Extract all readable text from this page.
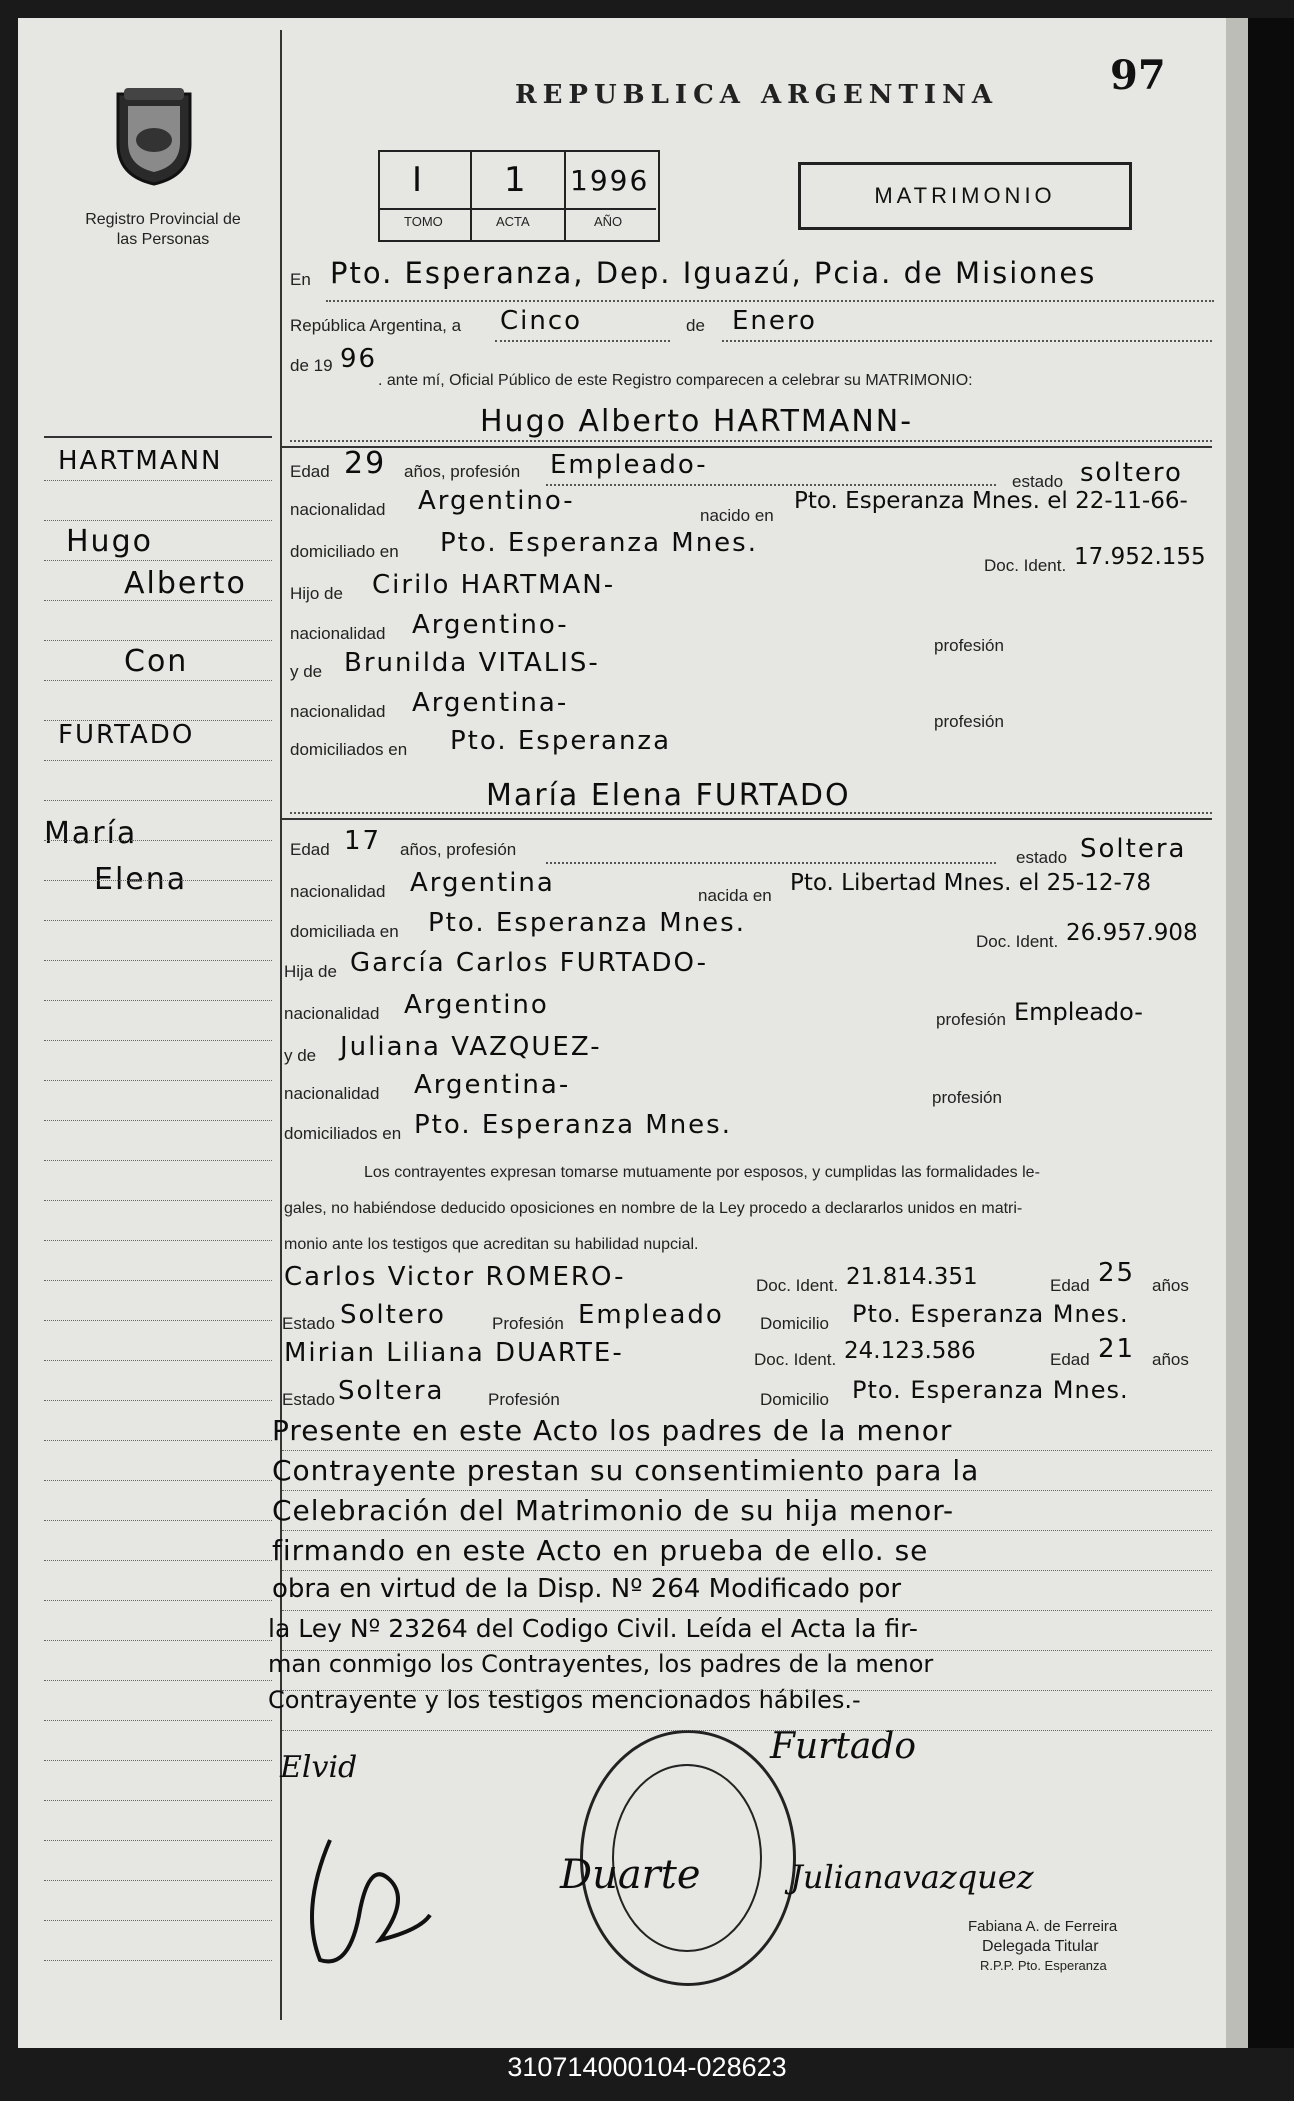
Registro Provincial de las Personas
REPUBLICA ARGENTINA	97
I
TOMO
1
ACTA
1996
AÑO
MATRIMONIO
En Pto. Esperanza, Dep. Iguazú, Pcia. de Misiones
República Argentina, a Cinco	de Enero
de 19 96
. ante mí, Oficial Público de este Registro comparecen a celebrar su MATRIMONIO:
Hugo Alberto HARTMANN-
Edad 29 años, profesión Empleado-
estado soltero
nacionalidad Argentino-	nacido en
Pto. Esperanza Mnes. el 22-11-66-
domiciliado en Pto. Esperanza Mnes.
Doc. Ident. 17.952.155
Hijo de Cirilo HARTMAN-
nacionalidad Argentino-
profesión
y de Brunilda VITALIS-
nacionalidad Argentina-
profesión
domiciliados en Pto. Esperanza
María Elena FURTADO
Edad 17 años, profesión	estado Soltera
nacionalidad Argentina	nacida en Pto. Libertad Mnes. el 25-12-78
domiciliada en Pto. Esperanza Mnes.
Doc. Ident. 26.957.908
Hija de García Carlos FURTADO-
nacionalidad Argentino	profesión Empleado-
y de Juliana VAZQUEZ-
nacionalidad Argentina-	profesión
domiciliados en Pto. Esperanza Mnes.
Los contrayentes expresan tomarse mutuamente por esposos, y cumplidas las formalidades le-
gales, no habiéndose deducido oposiciones en nombre de la Ley procedo a declararlos unidos en matri-
monio ante los testigos que acreditan su habilidad nupcial.
Carlos Victor ROMERO-	Doc. Ident. 21.814.351	Edad 25 años
Estado Soltero	Profesión Empleado Domicilio Pto. Esperanza Mnes.
Mirian Liliana DUARTE-	Doc. Ident. 24.123.586	Edad 21 años
Estado Soltera	Profesión	Domicilio Pto. Esperanza Mnes.
Presente en este Acto los padres de la menor
Contrayente prestan su consentimiento para la
Celebración del Matrimonio de su hija menor-
firmando en este Acto en prueba de ello. se
obra en virtud de la Disp. Nº 264 Modificado por
la Ley Nº 23264 del Codigo Civil. Leída el Acta la fir-
man conmigo los Contrayentes, los padres de la menor
Contrayente y los testigos mencionados hábiles.-
Elvid
Furtado
Duarte	Julianavazquez
Fabiana A. de Ferreira
Delegada Titular
R.P.P. Pto. Esperanza
HARTMANN
Hugo
Alberto
Con
FURTADO
María
Elena
310714000104-028623
